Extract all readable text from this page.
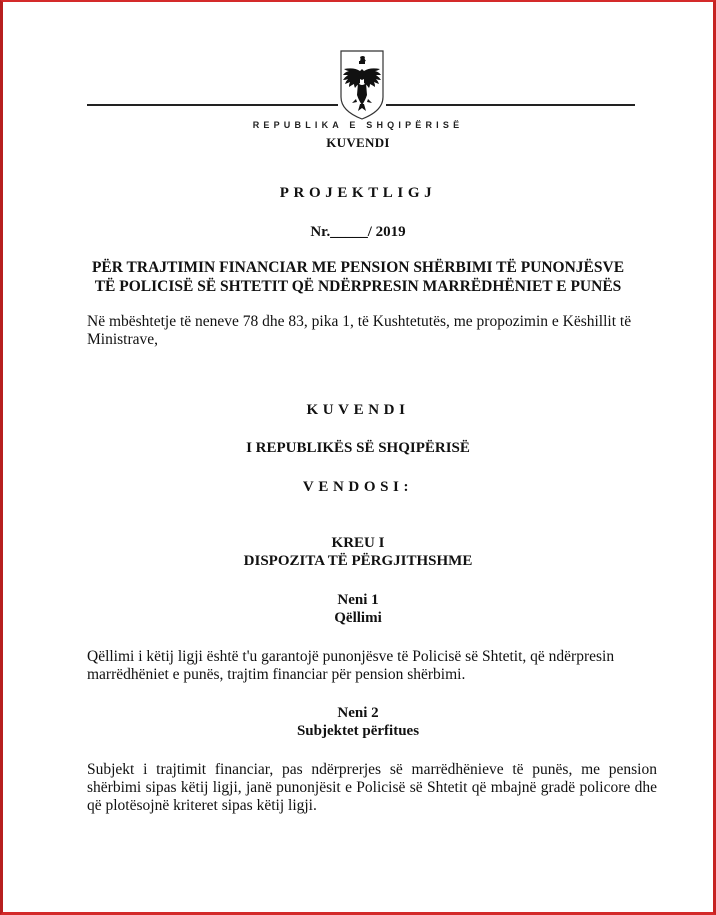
REPUBLIKA E SHQIPËRISË
KUVENDI
PROJEKTLIGJ
Nr._____/ 2019
PËR TRAJTIMIN FINANCIAR ME PENSION SHËRBIMI TË PUNONJËSVE
TË POLICISË SË SHTETIT QË NDËRPRESIN MARRËDHËNIET E PUNËS
Në mbështetje të neneve 78 dhe 83, pika 1, të Kushtetutës, me propozimin e Këshillit të Ministrave,
KUVENDI
I REPUBLIKËS SË SHQIPËRISË
VENDOSI:
KREU I
DISPOZITA TË PËRGJITHSHME
Neni 1
Qëllimi
Qëllimi i këtij ligji është t'u garantojë punonjësve të Policisë së Shtetit, që ndërpresin marrëdhëniet e punës, trajtim financiar për pension shërbimi.
Neni 2
Subjektet përfitues
Subjekt i trajtimit financiar, pas ndërprerjes së marrëdhënieve të punës, me pension shërbimi sipas këtij ligji, janë punonjësit e Policisë së Shtetit që mbajnë gradë policore dhe që plotësojnë kriteret sipas këtij ligji.
